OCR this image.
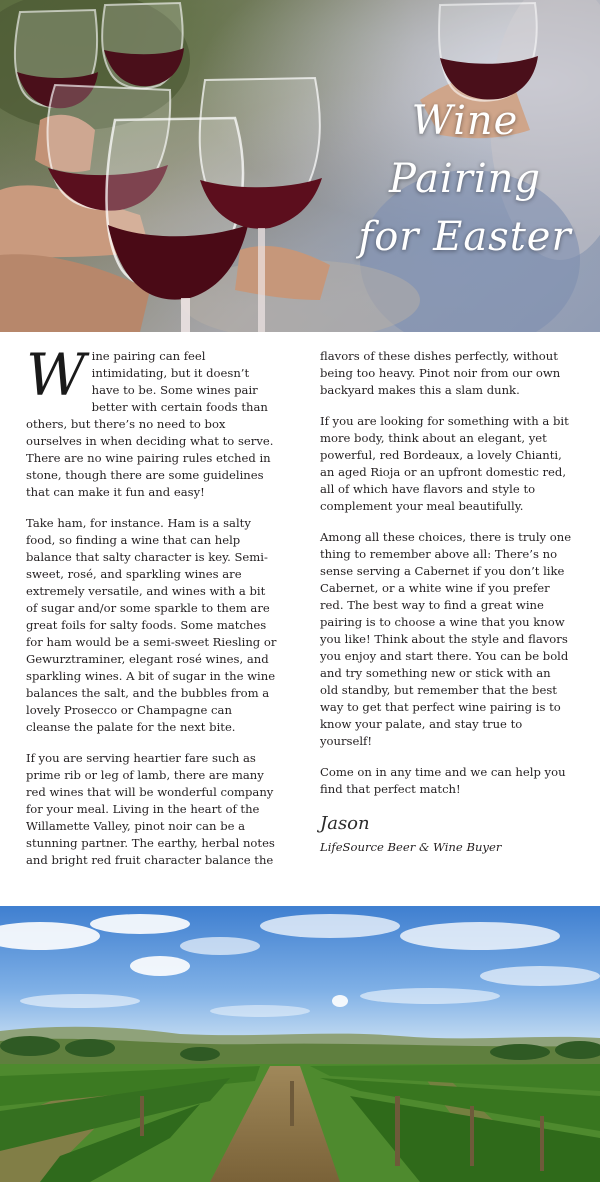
Wine
Pairing
for Easter

Wine pairing can feel intimidating, but it doesn’t have to be. Some wines pair better with certain foods than others, but there’s no need to box ourselves in when deciding what to serve. There are no wine pairing rules etched in stone, though there are some guidelines that can make it fun and easy!

Take ham, for instance. Ham is a salty food, so finding a wine that can help balance that salty character is key. Semi-sweet, rosé, and sparkling wines are extremely versatile, and wines with a bit of sugar and/or some sparkle to them are great foils for salty foods. Some matches for ham would be a semi-sweet Riesling or Gewurztraminer, elegant rosé wines, and sparkling wines. A bit of sugar in the wine balances the salt, and the bubbles from a lovely Prosecco or Champagne can cleanse the palate for the next bite.

If you are serving heartier fare such as prime rib or leg of lamb, there are many red wines that will be wonderful company for your meal. Living in the heart of the Willamette Valley, pinot noir can be a stunning partner. The earthy, herbal notes and bright red fruit character balance the

flavors of these dishes perfectly, without being too heavy. Pinot noir from our own backyard makes this a slam dunk.

If you are looking for something with a bit more body, think about an elegant, yet powerful, red Bordeaux, a lovely Chianti, an aged Rioja or an upfront domestic red, all of which have flavors and style to complement your meal beautifully.

Among all these choices, there is truly one thing to remember above all: There’s no sense serving a Cabernet if you don’t like Cabernet, or a white wine if you prefer red. The best way to find a great wine pairing is to choose a wine that you know you like! Think about the style and flavors you enjoy and start there. You can be bold and try something new or stick with an old standby, but remember that the best way to get that perfect wine pairing is to know your palate, and stay true to yourself!

Come on in any time and we can help you find that perfect match!

Jason
LifeSource Beer & Wine Buyer
